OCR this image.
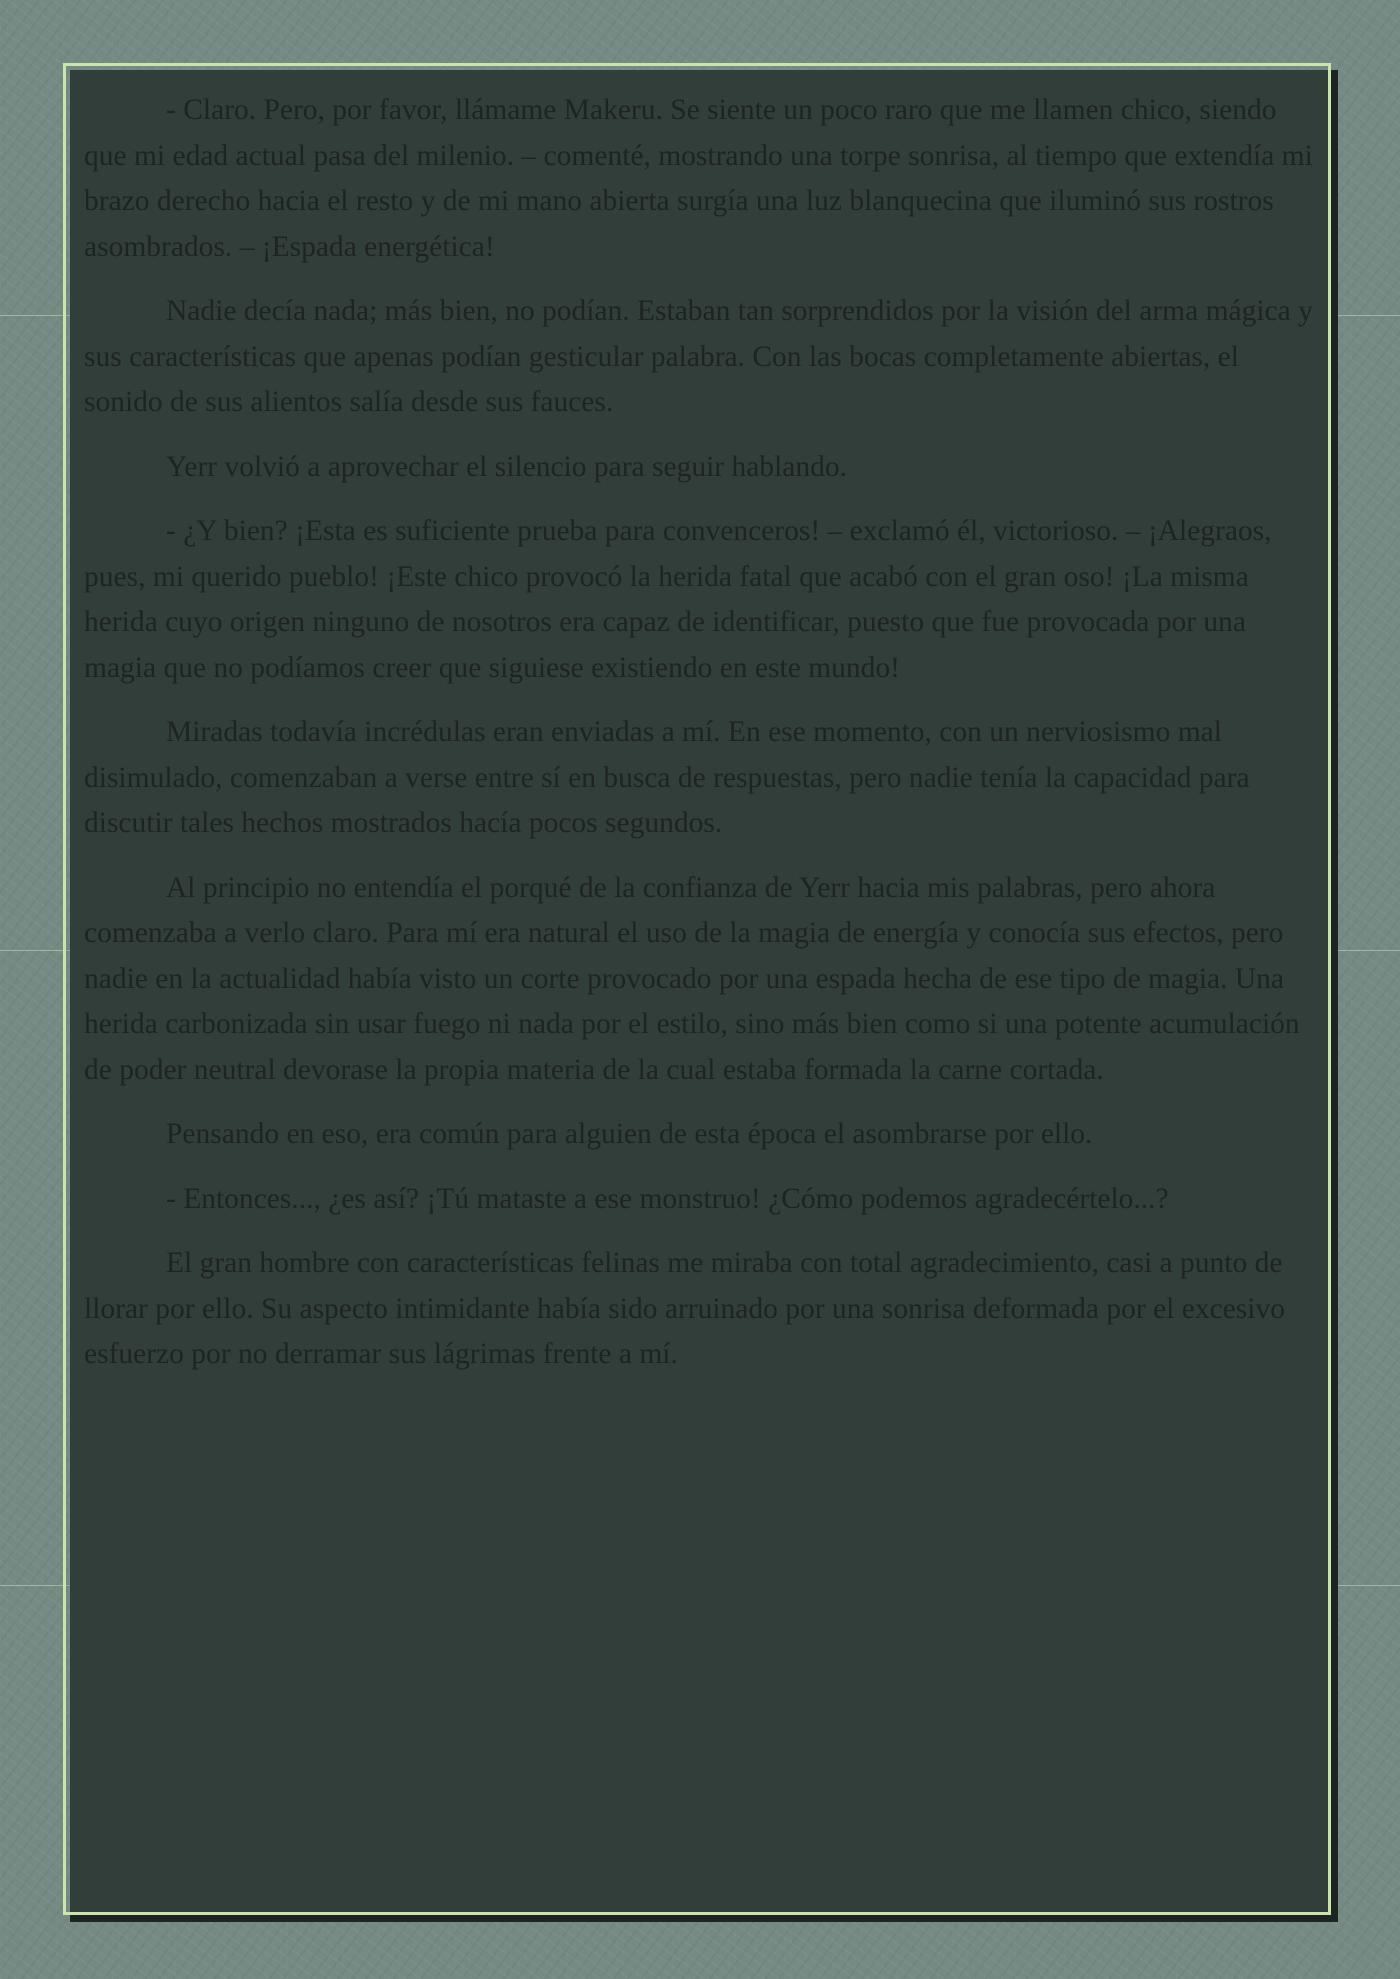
- Claro. Pero, por favor, llámame Makeru. Se siente un poco raro que me llamen chico, siendo que mi edad actual pasa del milenio. – comenté, mostrando una torpe sonrisa, al tiempo que extendía mi brazo derecho hacia el resto y de mi mano abierta surgía una luz blanquecina que iluminó sus rostros asombrados. – ¡Espada energética!

Nadie decía nada; más bien, no podían. Estaban tan sorprendidos por la visión del arma mágica y sus características que apenas podían gesticular palabra. Con las bocas completamente abiertas, el sonido de sus alientos salía desde sus fauces.

Yerr volvió a aprovechar el silencio para seguir hablando.

- ¿Y bien? ¡Esta es suficiente prueba para convenceros! – exclamó él, victorioso. – ¡Alegraos, pues, mi querido pueblo! ¡Este chico provocó la herida fatal que acabó con el gran oso! ¡La misma herida cuyo origen ninguno de nosotros era capaz de identificar, puesto que fue provocada por una magia que no podíamos creer que siguiese existiendo en este mundo!

Miradas todavía incrédulas eran enviadas a mí. En ese momento, con un nerviosismo mal disimulado, comenzaban a verse entre sí en busca de respuestas, pero nadie tenía la capacidad para discutir tales hechos mostrados hacía pocos segundos.

Al principio no entendía el porqué de la confianza de Yerr hacia mis palabras, pero ahora comenzaba a verlo claro. Para mí era natural el uso de la magia de energía y conocía sus efectos, pero nadie en la actualidad había visto un corte provocado por una espada hecha de ese tipo de magia. Una herida carbonizada sin usar fuego ni nada por el estilo, sino más bien como si una potente acumulación de poder neutral devorase la propia materia de la cual estaba formada la carne cortada.

Pensando en eso, era común para alguien de esta época el asombrarse por ello.

- Entonces..., ¿es así? ¡Tú mataste a ese monstruo! ¿Cómo podemos agradecértelo...?

El gran hombre con características felinas me miraba con total agradecimiento, casi a punto de llorar por ello. Su aspecto intimidante había sido arruinado por una sonrisa deformada por el excesivo esfuerzo por no derramar sus lágrimas frente a mí.
